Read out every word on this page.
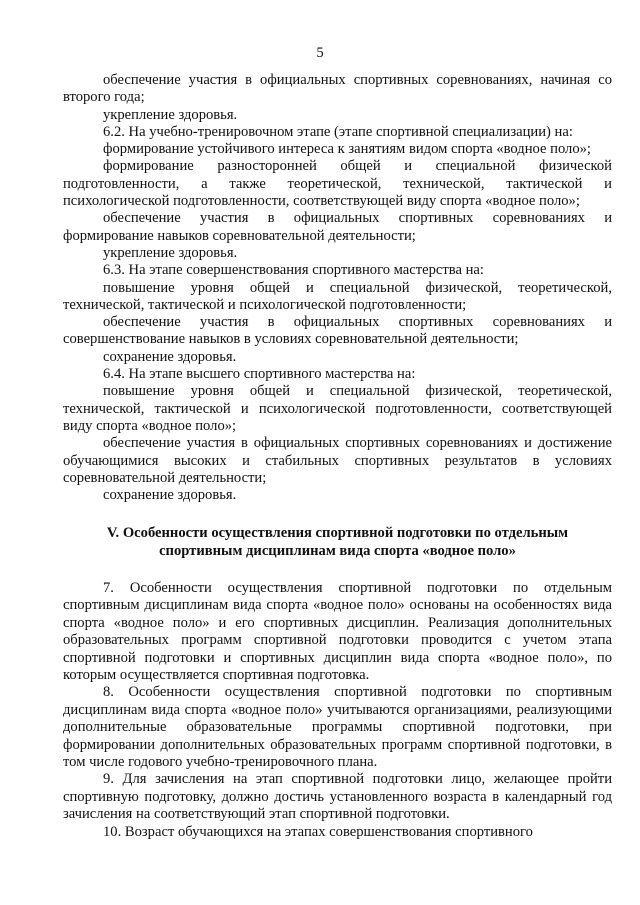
5

обеспечение участия в официальных спортивных соревнованиях, начиная со второго года;

укрепление здоровья.

6.2. На учебно-тренировочном этапе (этапе спортивной специализации) на:

формирование устойчивого интереса к занятиям видом спорта «водное поло»;

формирование разносторонней общей и специальной физической подготовленности, а также теоретической, технической, тактической и психологической подготовленности, соответствующей виду спорта «водное поло»;

обеспечение участия в официальных спортивных соревнованиях и формирование навыков соревновательной деятельности;

укрепление здоровья.

6.3. На этапе совершенствования спортивного мастерства на:

повышение уровня общей и специальной физической, теоретической, технической, тактической и психологической подготовленности;

обеспечение участия в официальных спортивных соревнованиях и совершенствование навыков в условиях соревновательной деятельности;

сохранение здоровья.

6.4. На этапе высшего спортивного мастерства на:

повышение уровня общей и специальной физической, теоретической, технической, тактической и психологической подготовленности, соответствующей виду спорта «водное поло»;

обеспечение участия в официальных спортивных соревнованиях и достижение обучающимися высоких и стабильных спортивных результатов в условиях соревновательной деятельности;

сохранение здоровья.

V. Особенности осуществления спортивной подготовки по отдельным
спортивным дисциплинам вида спорта «водное поло»

7. Особенности осуществления спортивной подготовки по отдельным спортивным дисциплинам вида спорта «водное поло» основаны на особенностях вида спорта «водное поло» и его спортивных дисциплин. Реализация дополнительных образовательных программ спортивной подготовки проводится с учетом этапа спортивной подготовки и спортивных дисциплин вида спорта «водное поло», по которым осуществляется спортивная подготовка.

8. Особенности осуществления спортивной подготовки по спортивным дисциплинам вида спорта «водное поло» учитываются организациями, реализующими дополнительные образовательные программы спортивной подготовки, при формировании дополнительных образовательных программ спортивной подготовки, в том числе годового учебно-тренировочного плана.

9. Для зачисления на этап спортивной подготовки лицо, желающее пройти спортивную подготовку, должно достичь установленного возраста в календарный год зачисления на соответствующий этап спортивной подготовки.

10. Возраст обучающихся на этапах совершенствования спортивного
